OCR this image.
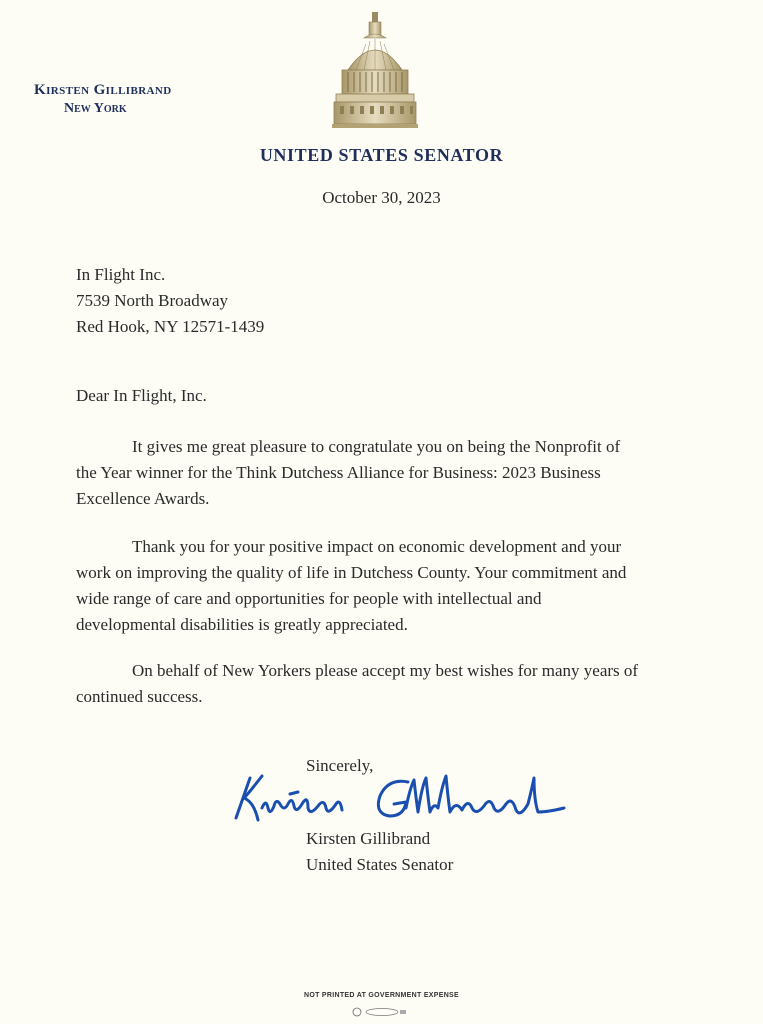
Kirsten Gillibrand
New York
UNITED STATES SENATOR
October 30, 2023
In Flight Inc.
7539 North Broadway
Red Hook, NY 12571-1439
Dear In Flight, Inc.
It gives me great pleasure to congratulate you on being the Nonprofit of
the Year winner for the Think Dutchess Alliance for Business: 2023 Business
Excellence Awards.
Thank you for your positive impact on economic development and your
work on improving the quality of life in Dutchess County. Your commitment and
wide range of care and opportunities for people with intellectual and
developmental disabilities is greatly appreciated.
On behalf of New Yorkers please accept my best wishes for many years of
continued success.
Sincerely,
Kirsten Gillibrand
United States Senator
NOT PRINTED AT GOVERNMENT EXPENSE
